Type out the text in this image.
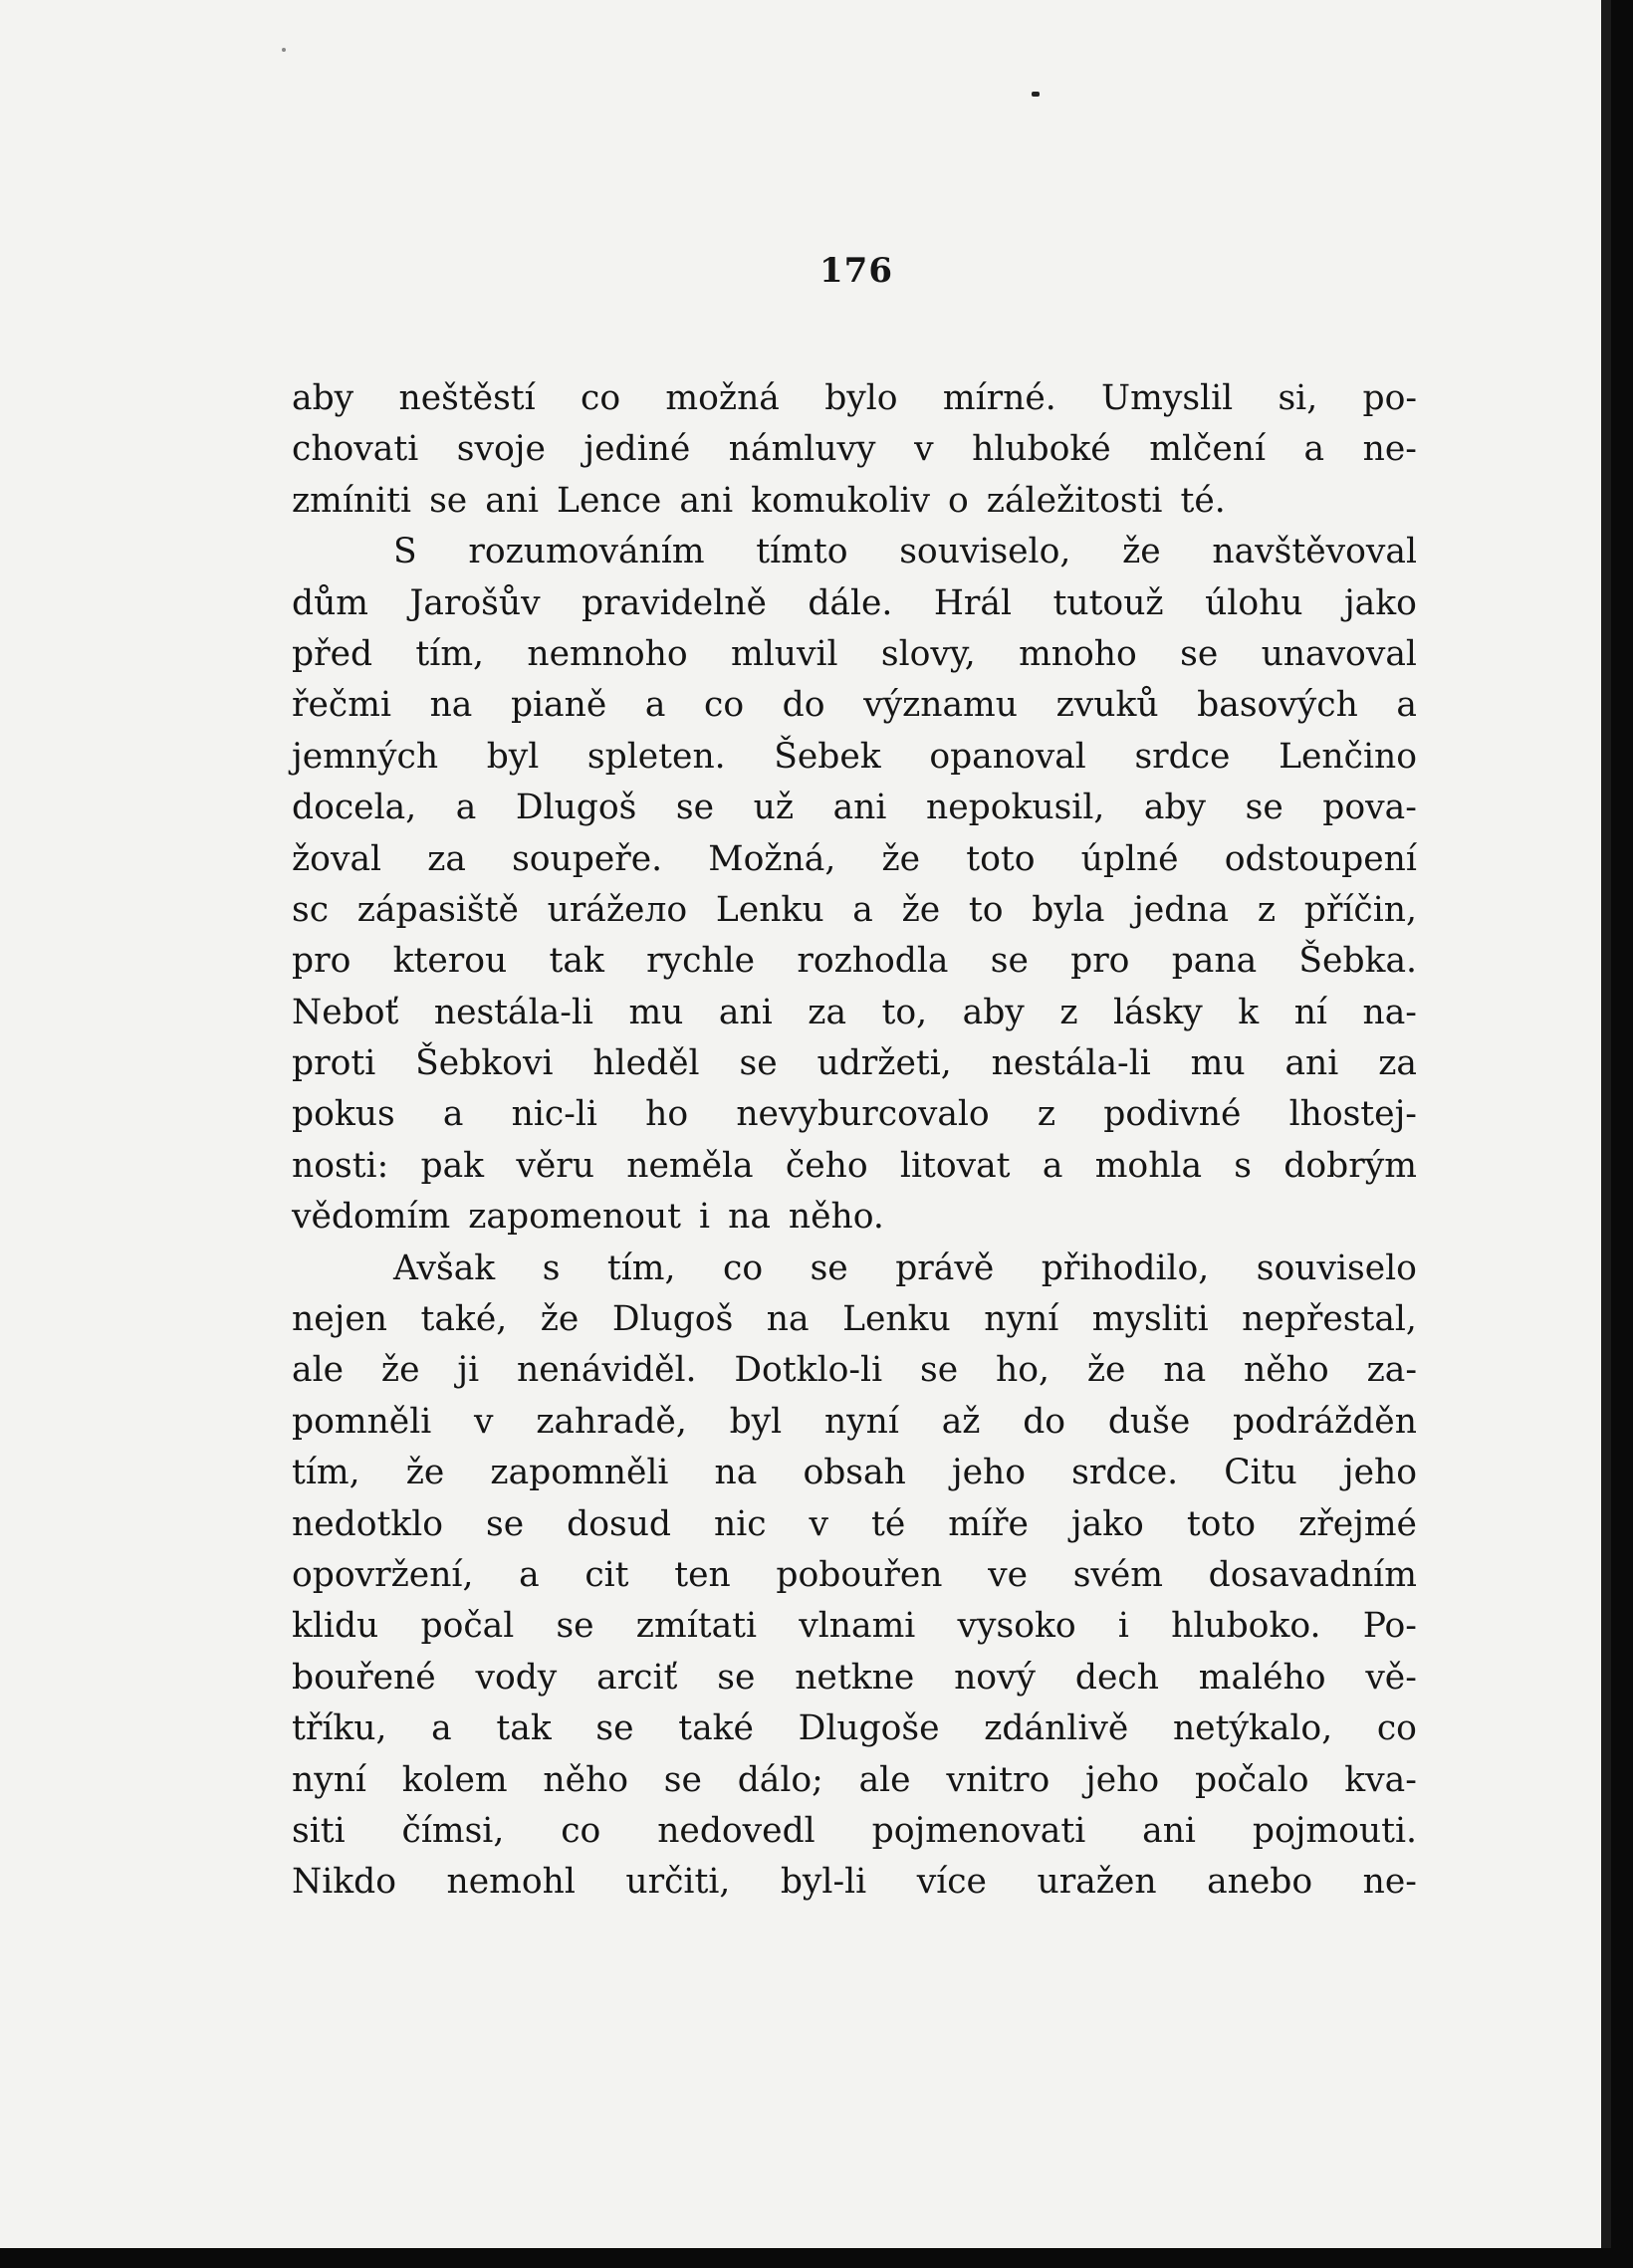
176
aby neštěstí co možná bylo mírné. Umyslil si, po-
chovati svoje jediné námluvy v hluboké mlčení a ne-
zmíniti se ani Lence ani komukoliv o záležitosti té.
S rozumováním tímto souviselo, že navštěvoval
dům Jarošův pravidelně dále. Hrál tutouž úlohu jako
před tím, nemnoho mluvil slovy, mnoho se unavoval
řečmi na pianě a co do významu zvuků basových a
jemných byl spleten. Šebek opanoval srdce Lenčino
docela, a Dlugoš se už ani nepokusil, aby se pova-
žoval za soupeře. Možná, že toto úplné odstoupení
sc zápasiště urážело Lenku a že to byla jedna z příčin,
pro kterou tak rychle rozhodla se pro pana Šebka.
Neboť nestála-li mu ani za to, aby z lásky k ní na-
proti Šebkovi hleděl se udržeti, nestála-li mu ani za
pokus a nic-li ho nevyburcovalo z podivné lhostej-
nosti: pak věru neměla čeho litovat a mohla s dobrým
vědomím zapomenout i na něho.
Avšak s tím, co se právě přihodilo, souviselo
nejen také, že Dlugoš na Lenku nyní mysliti nepřestal,
ale že ji nenáviděl. Dotklo-li se ho, že na něho za-
pomněli v zahradě, byl nyní až do duše podrážděn
tím, že zapomněli na obsah jeho srdce. Citu jeho
nedotklo se dosud nic v té míře jako toto zřejmé
opovržení, a cit ten pobouřen ve svém dosavadním
klidu počal se zmítati vlnami vysoko i hluboko. Po-
bouřené vody arciť se netkne nový dech malého vě-
tříku, a tak se také Dlugoše zdánlivě netýkalo, co
nyní kolem něho se dálo; ale vnitro jeho počalo kva-
siti čímsi, co nedovedl pojmenovati ani pojmouti.
Nikdo nemohl určiti, byl-li více uražen anebo ne-
